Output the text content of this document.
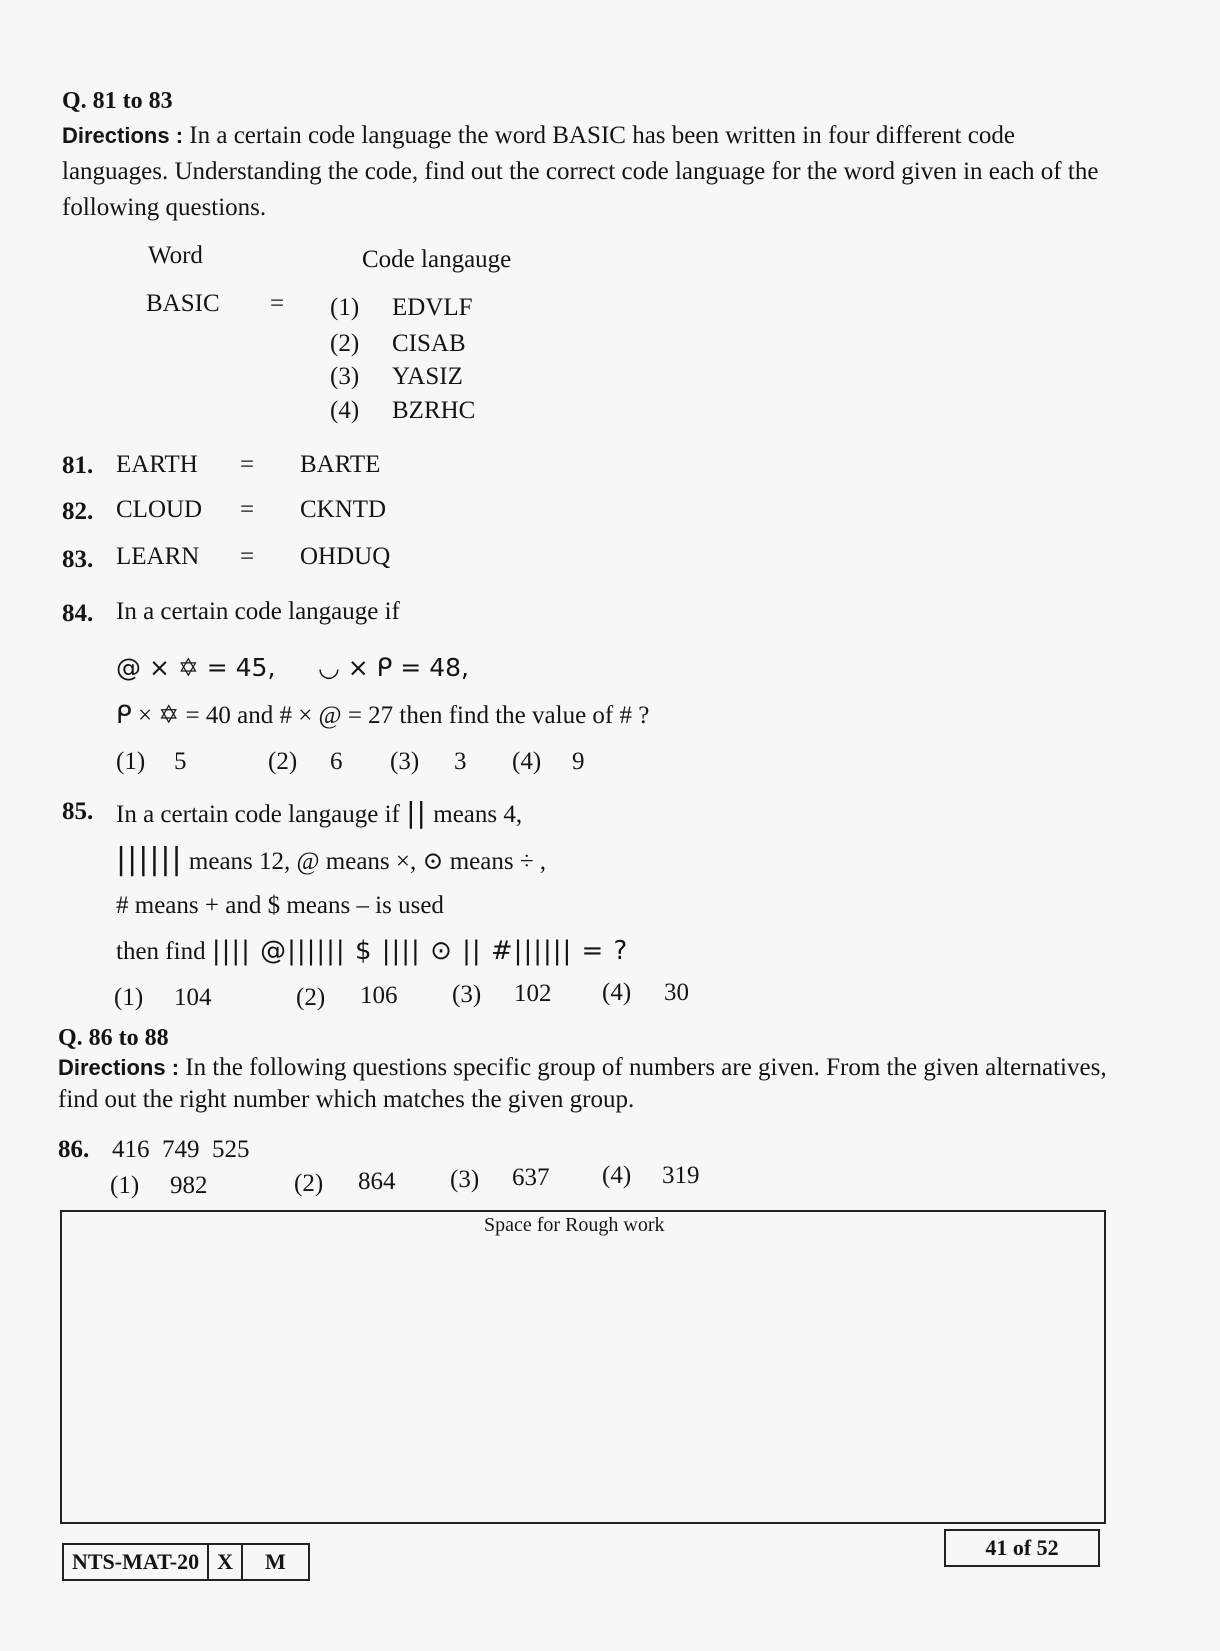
Q. 81 to 83
Directions : In a certain code language the word BASIC has been written in four different code languages. Understanding the code, find out the correct code language for the word given in each of the following questions.
Word	Code langauge
BASIC = (1) EDVLF
(2) CISAB
(3) YASIZ
(4) BZRHC
81. EARTH = BARTE
82. CLOUD = CKNTD
83. LEARN = OHDUQ
84. In a certain code langauge if
@ × ✡ = 45, ◡ × ᑭ = 48,
ᑭ × ✡ = 40 and # × @ = 27 then find the value of # ?
(1) 5	(2) 6 (3) 3 (4) 9
85. In a certain code langauge if || means 4,
|||||| means 12, @ means ×, ⊙ means ÷ ,
# means + and $ means – is used
then find |||| @|||||| $ |||| ⊙ || #|||||| = ?
(1) 104	(2) 106 (3) 102 (4) 30
Q. 86 to 88
Directions : In the following questions specific group of numbers are given. From the given alternatives, find out the right number which matches the given group.
86. 416  749  525
(1) 982	(2) 864 (3) 637 (4) 319
Space for Rough work
NTS-MAT-20 X	M
41 of 52
